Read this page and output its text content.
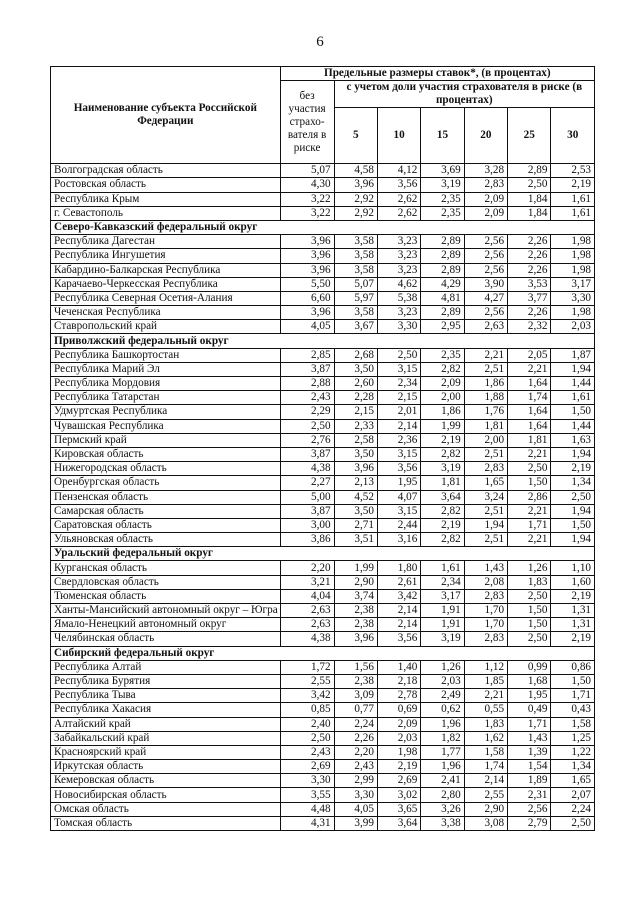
6
Наименование субъекта Российской Федерации	Предельные размеры ставок*, (в процентах)						
	без участия страхо-вателя в риске	с учетом доли участия страхователя в риске (в процентах)					
		5	10	15	20	25	30
Волгоградская область	5,07	4,58	4,12	3,69	3,28	2,89	2,53
Ростовская область	4,30	3,96	3,56	3,19	2,83	2,50	2,19
Республика Крым	3,22	2,92	2,62	2,35	2,09	1,84	1,61
г. Севастополь	3,22	2,92	2,62	2,35	2,09	1,84	1,61
Северо-Кавказский федеральный округ							
Республика Дагестан	3,96	3,58	3,23	2,89	2,56	2,26	1,98
Республика Ингушетия	3,96	3,58	3,23	2,89	2,56	2,26	1,98
Кабардино-Балкарская Республика	3,96	3,58	3,23	2,89	2,56	2,26	1,98
Карачаево-Черкесская Республика	5,50	5,07	4,62	4,29	3,90	3,53	3,17
Республика Северная Осетия-Алания	6,60	5,97	5,38	4,81	4,27	3,77	3,30
Чеченская Республика	3,96	3,58	3,23	2,89	2,56	2,26	1,98
Ставропольский край	4,05	3,67	3,30	2,95	2,63	2,32	2,03
Приволжский федеральный округ							
Республика Башкортостан	2,85	2,68	2,50	2,35	2,21	2,05	1,87
Республика Марий Эл	3,87	3,50	3,15	2,82	2,51	2,21	1,94
Республика Мордовия	2,88	2,60	2,34	2,09	1,86	1,64	1,44
Республика Татарстан	2,43	2,28	2,15	2,00	1,88	1,74	1,61
Удмуртская Республика	2,29	2,15	2,01	1,86	1,76	1,64	1,50
Чувашская Республика	2,50	2,33	2,14	1,99	1,81	1,64	1,44
Пермский край	2,76	2,58	2,36	2,19	2,00	1,81	1,63
Кировская область	3,87	3,50	3,15	2,82	2,51	2,21	1,94
Нижегородская область	4,38	3,96	3,56	3,19	2,83	2,50	2,19
Оренбургская область	2,27	2,13	1,95	1,81	1,65	1,50	1,34
Пензенская область	5,00	4,52	4,07	3,64	3,24	2,86	2,50
Самарская область	3,87	3,50	3,15	2,82	2,51	2,21	1,94
Саратовская область	3,00	2,71	2,44	2,19	1,94	1,71	1,50
Ульяновская область	3,86	3,51	3,16	2,82	2,51	2,21	1,94
Уральский федеральный округ							
Курганская область	2,20	1,99	1,80	1,61	1,43	1,26	1,10
Свердловская область	3,21	2,90	2,61	2,34	2,08	1,83	1,60
Тюменская область	4,04	3,74	3,42	3,17	2,83	2,50	2,19
Ханты-Мансийский автономный округ – Югра	2,63	2,38	2,14	1,91	1,70	1,50	1,31
Ямало-Ненецкий автономный округ	2,63	2,38	2,14	1,91	1,70	1,50	1,31
Челябинская область	4,38	3,96	3,56	3,19	2,83	2,50	2,19
Сибирский федеральный округ							
Республика Алтай	1,72	1,56	1,40	1,26	1,12	0,99	0,86
Республика Бурятия	2,55	2,38	2,18	2,03	1,85	1,68	1,50
Республика Тыва	3,42	3,09	2,78	2,49	2,21	1,95	1,71
Республика Хакасия	0,85	0,77	0,69	0,62	0,55	0,49	0,43
Алтайский край	2,40	2,24	2,09	1,96	1,83	1,71	1,58
Забайкальский край	2,50	2,26	2,03	1,82	1,62	1,43	1,25
Красноярский край	2,43	2,20	1,98	1,77	1,58	1,39	1,22
Иркутская область	2,69	2,43	2,19	1,96	1,74	1,54	1,34
Кемеровская область	3,30	2,99	2,69	2,41	2,14	1,89	1,65
Новосибирская область	3,55	3,30	3,02	2,80	2,55	2,31	2,07
Омская область	4,48	4,05	3,65	3,26	2,90	2,56	2,24
Томская область	4,31	3,99	3,64	3,38	3,08	2,79	2,50
